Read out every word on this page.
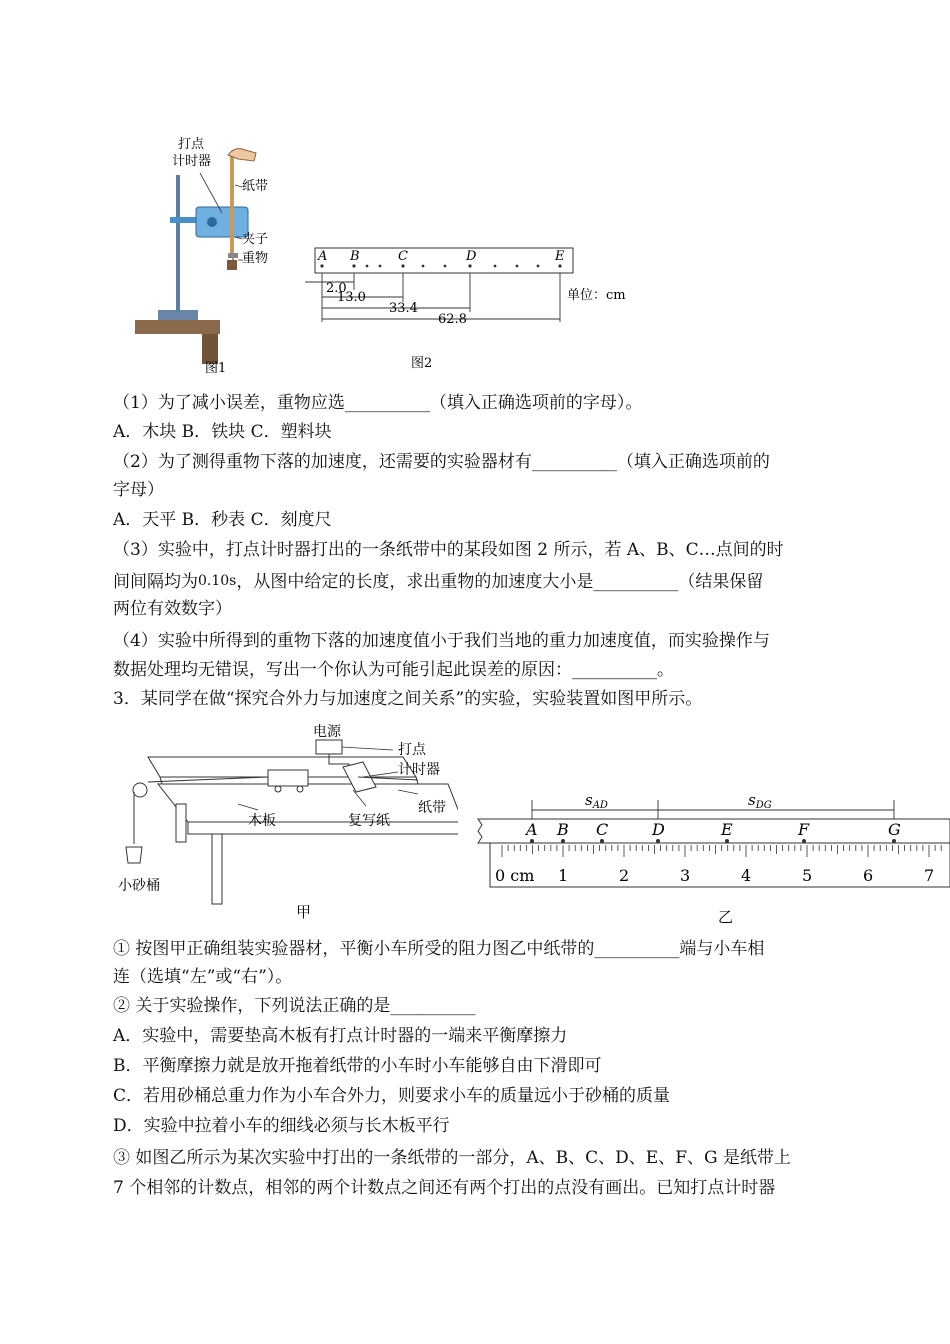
打点
计时器
纸带
夹子
重物
图1
A B	C	D	E
2.0
13.0
33.4
62.8
单位：cm
图2
（1）为了减小误差，重物应选__________（填入正确选项前的字母）。
A．木块 B．铁块 C．塑料块
（2）为了测得重物下落的加速度，还需要的实验器材有__________（填入正确选项前的
字母）
A．天平 B．秒表 C．刻度尺
（3）实验中，打点计时器打出的一条纸带中的某段如图 2 所示，若 A、B、C…点间的时
间间隔均为0.10s，从图中给定的长度，求出重物的加速度大小是__________（结果保留
两位有效数字）
（4）实验中所得到的重物下落的加速度值小于我们当地的重力加速度值，而实验操作与
数据处理均无错误，写出一个你认为可能引起此误差的原因：__________。
3．某同学在做“探究合外力与加速度之间关系”的实验，实验装置如图甲所示。
电源
打点
计时器
纸带
木板	复写纸
小砂桶
甲
$s_{AD}$	$s_{DG}$
A B C	D	E	F	G
0 cm 1	2	3	4	5	6	7
乙
① 按图甲正确组装实验器材，平衡小车所受的阻力图乙中纸带的__________端与小车相
连（选填“左”或“右”）。
② 关于实验操作，下列说法正确的是__________
A．实验中，需要垫高木板有打点计时器的一端来平衡摩擦力
B．平衡摩擦力就是放开拖着纸带的小车时小车能够自由下滑即可
C．若用砂桶总重力作为小车合外力，则要求小车的质量远小于砂桶的质量
D．实验中拉着小车的细线必须与长木板平行
③ 如图乙所示为某次实验中打出的一条纸带的一部分，A、B、C、D、E、F、G 是纸带上
7 个相邻的计数点，相邻的两个计数点之间还有两个打出的点没有画出。已知打点计时器
